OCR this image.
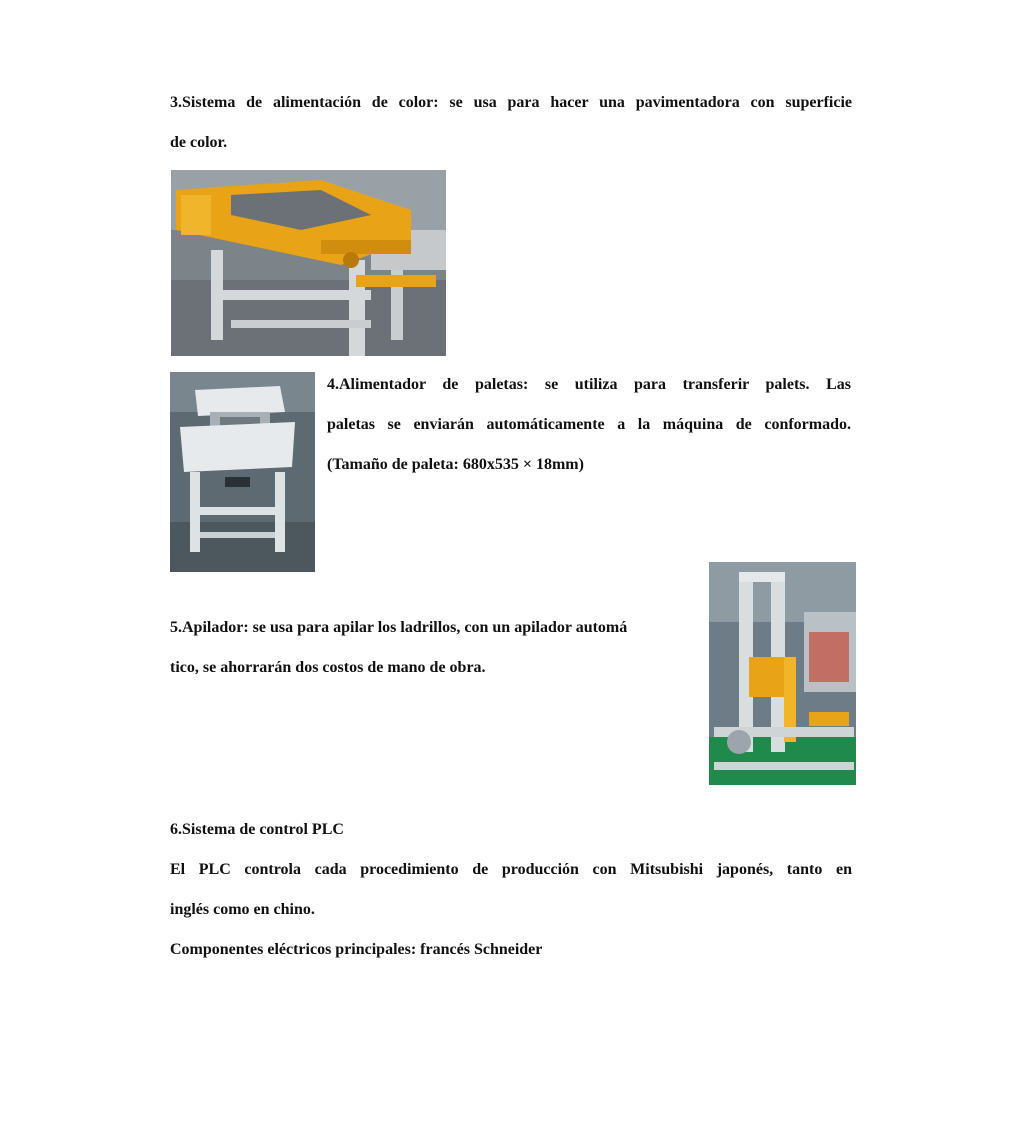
3.Sistema de alimentación de color: se usa para hacer una pavimentadora con superficie
de color.
4.Alimentador de paletas: se utiliza para transferir palets. Las
paletas se enviarán automáticamente a la máquina de conformado.
(Tamaño de paleta: 680x535 × 18mm)
5.Apilador: se usa para apilar los ladrillos, con un apilador automá
tico, se ahorrarán dos costos de mano de obra.
6.Sistema de control PLC
El PLC controla cada procedimiento de producción con Mitsubishi japonés, tanto en
inglés como en chino.
Componentes eléctricos principales: francés Schneider
